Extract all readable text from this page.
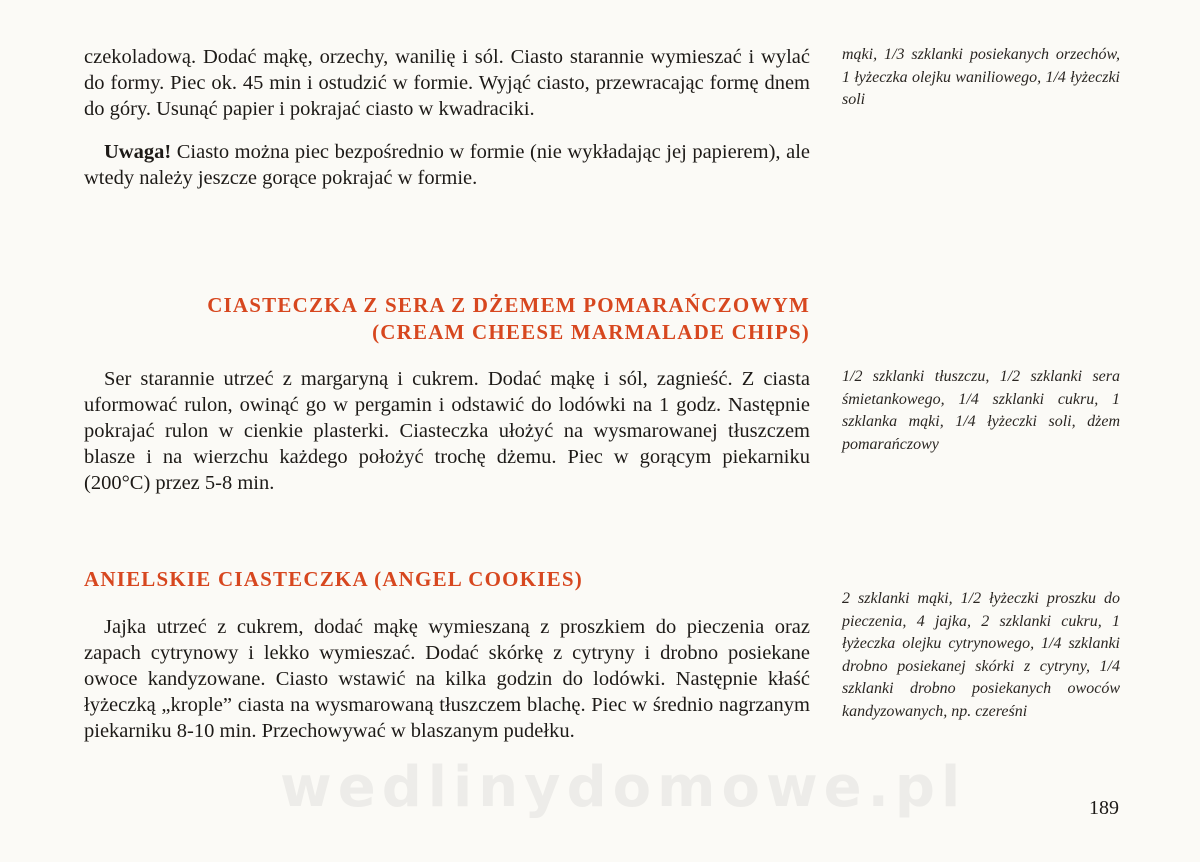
czekoladową. Dodać mąkę, orzechy, wanilię i sól. Ciasto starannie wymieszać i wylać do formy. Piec ok. 45 min i ostudzić w formie. Wyjąć ciasto, przewracając formę dnem do góry. Usunąć papier i pokrajać ciasto w kwadraciki.

Uwaga! Ciasto można piec bezpośrednio w formie (nie wykładając jej papierem), ale wtedy należy jeszcze gorące pokrajać w formie.

mąki, 1/3 szklanki posiekanych orzechów, 1 łyżeczka olejku waniliowego, 1/4 łyżeczki soli
CIASTECZKA Z SERA Z DŻEMEM POMARAŃCZOWYM
(CREAM CHEESE MARMALADE CHIPS)

Ser starannie utrzeć z margaryną i cukrem. Dodać mąkę i sól, zagnieść. Z ciasta uformować rulon, owinąć go w pergamin i odstawić do lodówki na 1 godz. Następnie pokrajać rulon w cienkie plasterki. Ciasteczka ułożyć na wysmarowanej tłuszczem blasze i na wierzchu każdego położyć trochę dżemu. Piec w gorącym piekarniku (200°C) przez 5-8 min.

1/2 szklanki tłuszczu, 1/2 szklanki sera śmietankowego, 1/4 szklanki cukru, 1 szklanka mąki, 1/4 łyżeczki soli, dżem pomarańczowy
ANIELSKIE CIASTECZKA (ANGEL COOKIES)

Jajka utrzeć z cukrem, dodać mąkę wymieszaną z proszkiem do pieczenia oraz zapach cytrynowy i lekko wymieszać. Dodać skórkę z cytryny i drobno posiekane owoce kandyzowane. Ciasto wstawić na kilka godzin do lodówki. Następnie kłaść łyżeczką „krople” ciasta na wysmarowaną tłuszczem blachę. Piec w średnio nagrzanym piekarniku 8-10 min. Przechowywać w blaszanym pudełku.

2 szklanki mąki, 1/2 łyżeczki proszku do pieczenia, 4 jajka, 2 szklanki cukru, 1 łyżeczka olejku cytrynowego, 1/4 szklanki drobno posiekanej skórki z cytryny, 1/4 szklanki drobno posiekanych owoców kandyzowanych, np. czereśni
189
wedlinydomowe.pl
